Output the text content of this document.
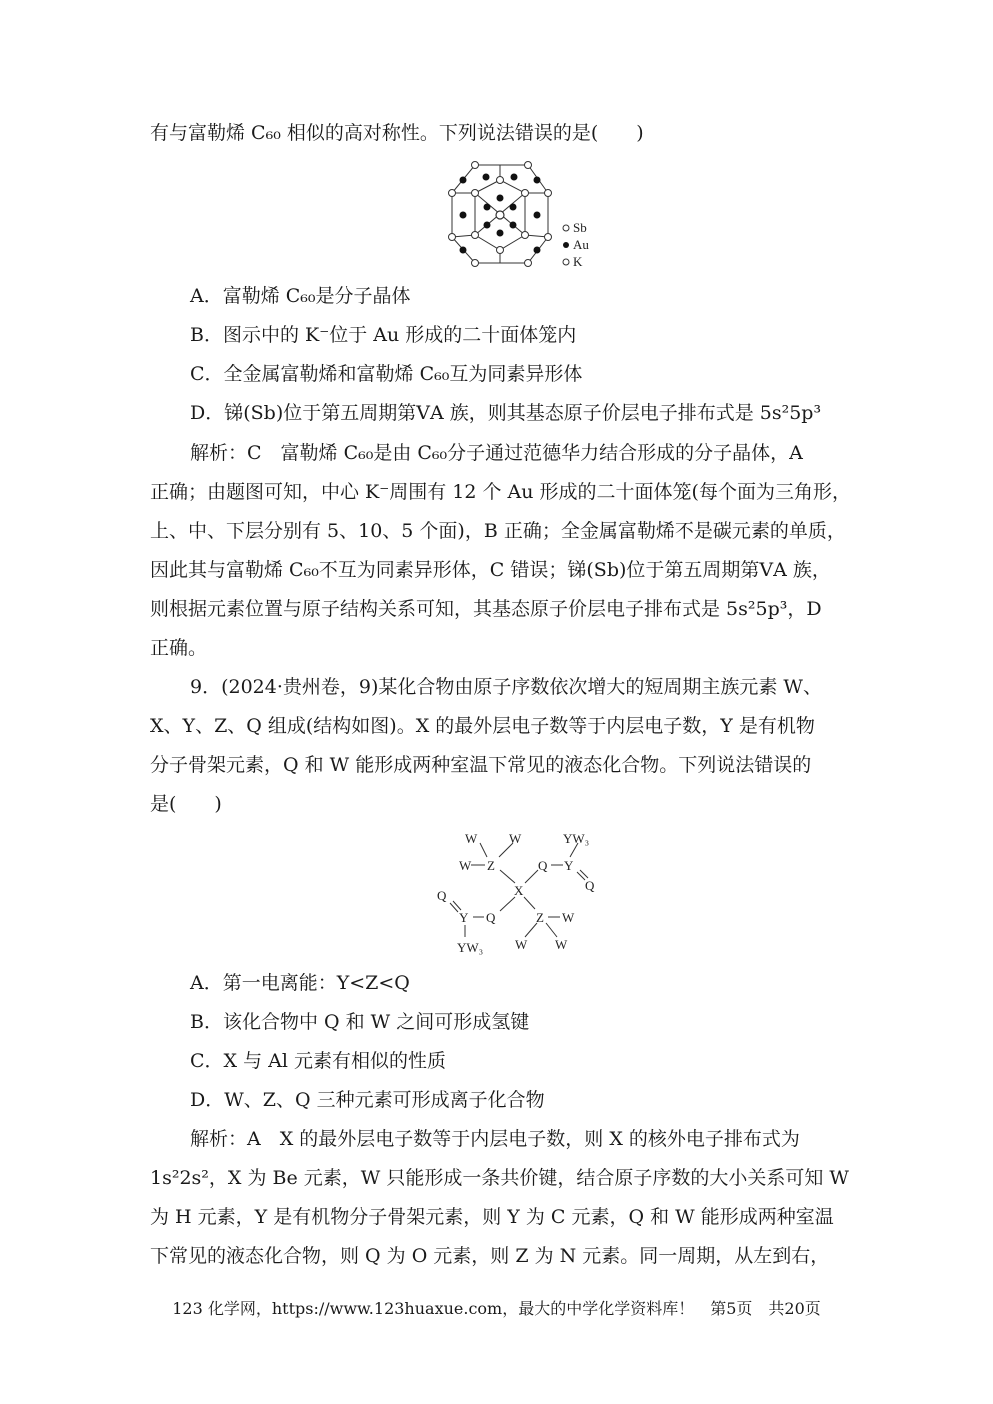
有与富勒烯 C₆₀ 相似的高对称性。下列说法错误的是(　　)
Sb
Au
K
A．富勒烯 C₆₀是分子晶体
B．图示中的 K⁻位于 Au 形成的二十面体笼内
C．全金属富勒烯和富勒烯 C₆₀互为同素异形体
D．锑(Sb)位于第五周期第ⅤA 族，则其基态原子价层电子排布式是 5s²5p³
解析：C　富勒烯 C₆₀是由 C₆₀分子通过范德华力结合形成的分子晶体，A
正确；由题图可知，中心 K⁻周围有 12 个 Au 形成的二十面体笼(每个面为三角形，
上、中、下层分别有 5、10、5 个面)，B 正确；全金属富勒烯不是碳元素的单质，
因此其与富勒烯 C₆₀不互为同素异形体，C 错误；锑(Sb)位于第五周期第ⅤA 族，
则根据元素位置与原子结构关系可知，其基态原子价层电子排布式是 5s²5p³，D
正确。
9．(2024·贵州卷，9)某化合物由原子序数依次增大的短周期主族元素 W、
X、Y、Z、Q 组成(结构如图)。X 的最外层电子数等于内层电子数，Y 是有机物
分子骨架元素，Q 和 W 能形成两种室温下常见的液态化合物。下列说法错误的
是(　　)
W W
W Z
YW₃
Q Y
Q
X
Q
Y Q	Z W
W W
YW₃
A．第一电离能：Y<Z<Q
B．该化合物中 Q 和 W 之间可形成氢键
C．X 与 Al 元素有相似的性质
D．W、Z、Q 三种元素可形成离子化合物
解析：A　X 的最外层电子数等于内层电子数，则 X 的核外电子排布式为
1s²2s²，X 为 Be 元素，W 只能形成一条共价键，结合原子序数的大小关系可知 W
为 H 元素，Y 是有机物分子骨架元素，则 Y 为 C 元素，Q 和 W 能形成两种室温
下常见的液态化合物，则 Q 为 O 元素，则 Z 为 N 元素。同一周期，从左到右，
123 化学网，https://www.123huaxue.com，最大的中学化学资料库！　第5页　共20页
